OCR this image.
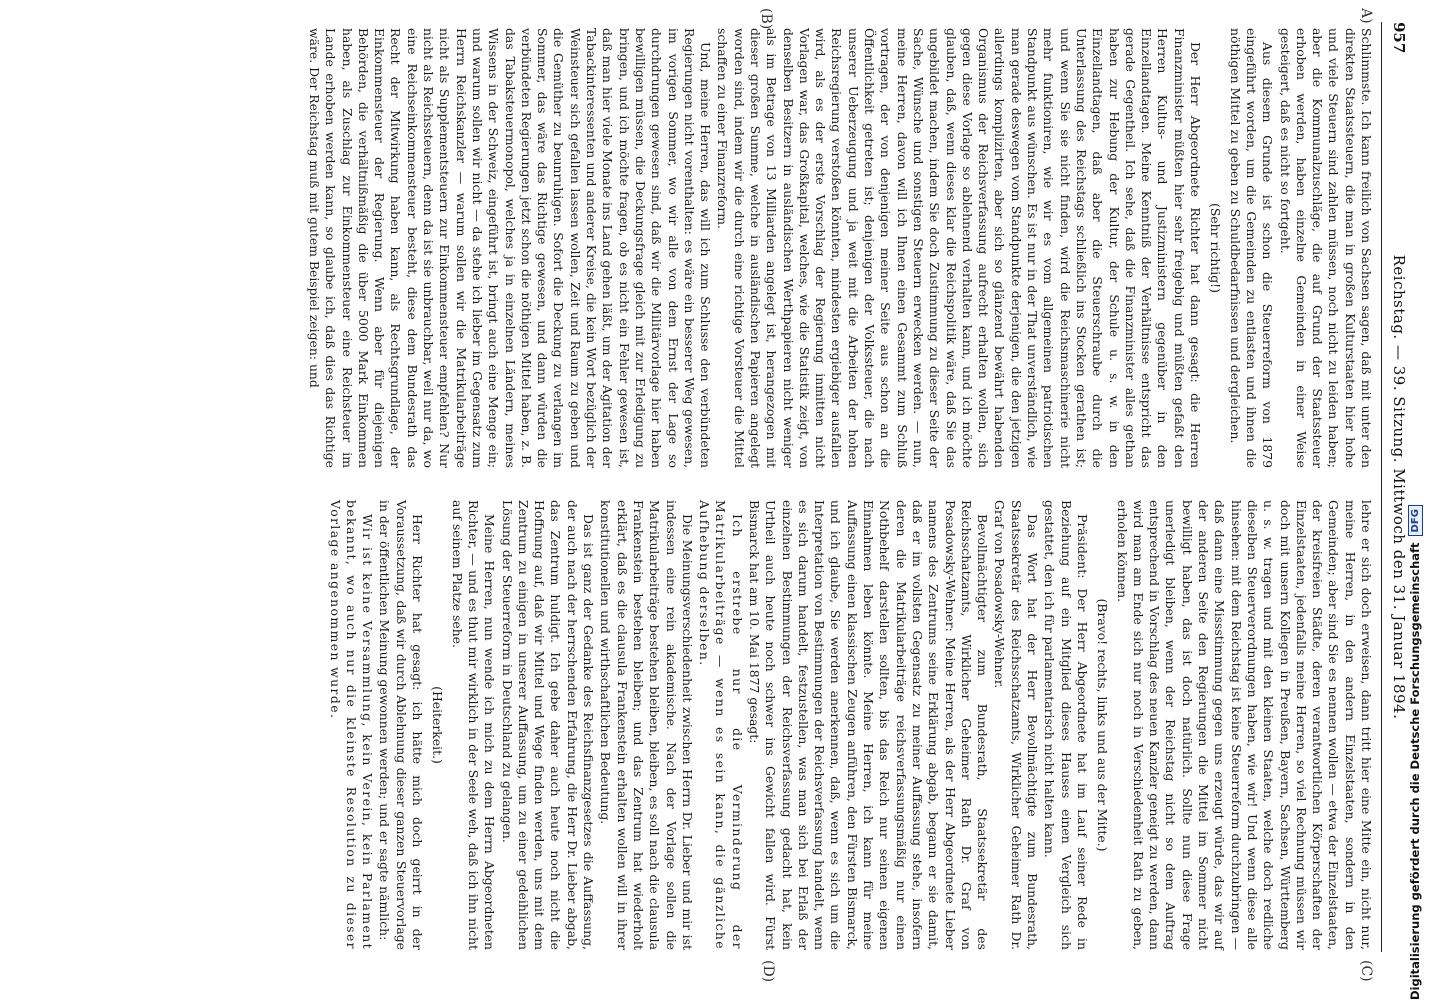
957
Reichstag. — 39. Sitzung. Mittwoch den 31. Januar 1894.
A)
(B)
(C)
(D)

Schlimmste. Ich kann freilich von Sachsen sagen, daß mit unter den direkten Staatssteuern, die man in großen Kulturstaaten hier hohe und viele Steuern sind zahlen müssen, noch nicht zu leiden haben; aber die Kommunalzuschläge, die auf Grund der Staatssteuer erhoben werden, haben einzelne Gemeinden in einer Weise gesteigert, daß es nicht so fortgeht.

Aus diesem Grunde ist schon die Steuerreform von 1879 eingeführt worden, um die Gemeinden zu entlasten und ihnen die nöthigen Mittel zu geben zu Schuldbedarfnissen und dergleichen.

(Sehr richtig!)

Der Herr Abgeordnete Richter hat dann gesagt: die Herren Finanzminister müßten hier sehr freigebig und müßten gefaßt den Herren Kultus- und Justizministern gegenüber in den Einzellandtagen. Meine Kenntniß der Verhältnisse entspricht das gerade Gegentheil. Ich sehe, daß die Finanzminister alles gethan haben zur Hebung der Kultur, der Schule u. s. w. in den Einzellandtagen, daß aber die Steuerschraube durch die Unterlassung des Reichstags schließlich ins Stocken gerathen ist; und wenn Sie sie nicht finden, wird die Reichsmaschinerie nicht mehr funktioniren, wie wir es vom allgemeinen patriotischen Standpunkt aus wünschen. Es ist nur in der That unverständlich, wie man gerade deswegen vom Standpunkte derjenigen, die den jetzigen allerdings komplizirten, aber sich so glänzend bewährt habenden Organismus der Reichsverfassung aufrecht erhalten wollen, sich gegen diese Vorlage so ablehnend verhalten kann, und ich möchte glauben, daß, wenn dieses klar die Reichspolitik wäre, daß Sie das ungebildet machen, indem Sie doch Zustimmung zu dieser Seite der Sache, Wünsche und sonstigen Steuern erwecken werden. — nun, meine Herren, davon will ich Ihnen einen Gesammt zum Schluß vortragen, der von denjenigen meiner Seite aus schon an die Öffentlichkeit getreten ist; denjenigen der Volkssteuer, die nach unserer Ueberzeugung und ja weit mit die Arbeiten der hohen Reichsregierung verstoßen könnten, mindesten ergiebiger ausfallen wird, als es der erste Vorschlag der Regierung inmitten nicht Vorlagen war, das Großkapital, welches, wie die Statistik zeigt, von denselben Besitzern in ausländischen Werthpapieren nicht weniger als im Betrage von 13 Milliarden angelegt ist, herangezogen mit dieser großen Summe, welche in ausländischen Papieren angelegt worden sind, indem wir die durch eine richtige Vorsteuer die Mittel schaffen zu einer Finanzreform.

Und, meine Herren, das will ich zum Schlusse den verbündeten Regierungen nicht vorenthalten: es wäre ein besserer Weg gewesen, im vorigen Sommer, wo wir alle von dem Ernst der Lage so durchdrungen gewesen sind, daß wir die Militärvorlage hier haben bewilligen müssen, die Deckungsfrage gleich mit zur Erledigung zu bringen, und ich möchte fragen, ob es nicht ein Fehler gewesen ist, daß man hier viele Monate ins Land gehen läßt, um der Agitation der Tabackinteressenten und anderer Kreise, die kein Wort bezüglich der Weinsteuer sich gefallen lassen wollen, Zeit und Raum zu geben und die Gemüther zu beunruhigen. Sofort die Deckung zu verlangen im Sommer, das wäre das Richtige gewesen, und dann würden die verbündeten Regierungen jetzt schon die nöthigen Mittel haben, z. B. das Tabaksteuermonopol, welches ja in einzelnen Ländern, meines Wissens in der Schweiz, eingeführt ist, bringt auch eine Menge ein; und warum sollen wir nicht — da stehe ich lieber im Gegensatz zum Herrn Reichskanzler — warum sollen wir die Matrikularbeiträge nicht als Supplementsteuern zur Einkommensteuer empfehlen? Nur nicht als Reichssteuern, denn da ist sie unbrauchbar, weil nur da, wo eine Reichseinkommensteuer besteht, diese dem Bundesrath das Recht der Mitwirkung haben kann, als Rechtsgrundlage, der Einkommensteuer der Regierung. Wenn aber für diejenigen Behörden, die verhältnißmäßig die über 5000 Mark Einkommen haben, als Zuschlag zur Einkommensteuer eine Reichsteuer im Lande erhoben werden kann, so glaube ich, daß dies das Richtige wäre. Der Reichstag muß mit gutem Beispiel zeigen: und

lehre er sich doch erweisen, dann tritt hier eine Mitte ein, nicht nur, meine Herren, in den andern Einzelstaaten, sondern in den Gemeinden; aber sind Sie es nennen wollen — etwa der Einzelstaaten, der kreisfreien Städte, deren verantwortlichen Körperschaften der Einzelstaaten, jedenfalls meine Herren, so viel Rechnung müssen wir doch mit unsern Kollegen in Preußen, Bayern, Sachsen, Württemberg u. s. w. tragen und mit den kleinen Staaten, welche doch redliche dieselben Steuerverordnungen haben, wie wir! Und wenn diese alle hinsehen: mit dem Reichstag ist keine Steuerreform durchzubringen — daß dann eine Missstimmung gegen uns erzeugt würde, das wir auf der anderen Seite den Regierungen die Mittel im Sommer nicht bewilligt haben, das ist doch natürlich. Sollte nun diese Frage unerledigt bleiben, wenn der Reichstag nicht so dem Auftrag entsprechend in Vorschlag des neuen Kanzler geneigt zu werden, dann wird man am Ende sich nur noch in Verschiedenheit Rath zu geben, erholen können.

(Bravo! rechts, links und aus der Mitte.)

Präsident: Der Herr Abgeordnete hat im Lauf seiner Rede in Beziehung auf ein Mitglied dieses Hauses einen Vergleich sich gestattet, den ich für parlamentarisch nicht halten kann.

Das Wort hat der Herr Bevollmächtigte zum Bundesrath, Staatssekretär des Reichsschatzamts, Wirklicher Geheimer Rath Dr. Graf von Posadowsky-Wehner.

Bevollmächtigter zum Bundesrath, Staatssekretär des Reichsschatzamts, Wirklicher Geheimer Rath Dr. Graf von Posadowsky-Wehner: Meine Herren, als der Herr Abgeordnete Lieber namens des Zentrums seine Erklärung abgab, begann er sie damit, daß er im vollsten Gegensatz zu meiner Auffassung stehe, insofern deren die Matrikularbeiträge reichsverfassungsmäßig nur einen Nothbehelf darstellen sollten, bis das Reich nur seinen eigenen Einnahmen leben könnte. Meine Herren, ich kann für meine Auffassung einen klassischen Zeugen anführen, den Fürsten Bismarck, und ich glaube, Sie werden anerkennen, daß, wenn es sich um die Interpretation von Bestimmungen der Reichsverfassung handelt, wenn es sich darum handelt, festzustellen, was man sich bei Erlaß der einzelnen Bestimmungen der Reichsverfassung gedacht hat, kein Urtheil auch heute noch schwer ins Gewicht fallen wird. Fürst Bismarck hat am 10. Mai 1877 gesagt:

Ich erstrebe nur die Verminderung der Matrikularbeiträge — wenn es sein kann, die gänzliche Aufhebung derselben.

Die Meinungsverschiedenheit zwischen Herrn Dr. Lieber und mir ist indessen eine rein akademische. Nach der Vorlage sollen die Matrikularbeiträge bestehen bleiben, bleiben, es soll nach die clausula Frankenstein bestehen bleiben; und das Zentrum hat wiederholt erklärt, daß es die clausula Frankenstein erhalten wollen will in ihrer konstitutionellen und wirthschaftlichen Bedeutung.

Das ist ganz der Gedanke des Reichsfinanzgesetzes die Auffassung, der auch nach der herrschenden Erfahrung, die Herr Dr. Lieber abgab, das Zentrum huldigt. Ich gebe daher auch heute noch nicht die Hoffnung auf, daß wir Mittel und Wege finden werden, uns mit dem Zentrum zu einigen in unserer Auffassung, um zu einer gedeihlichen Lösung der Steuerreform in Deutschland zu gelangen.

Meine Herren, nun wende ich mich zu dem Herrn Abgeordneten Richter, — und es thut mir wirklich in der Seele weh, daß ich ihn nicht auf seinem Platze sehe.

(Heiterkeit.)

Herr Richter hat gesagt: ich hätte mich doch geirrt in der Voraussetzung, daß wir durch Ablehnung dieser ganzen Steuervorlage in der öffentlichen Meinung gewonnen werden; und er sagte nämlich:

Wir ist keine Versammlung, kein Verein, kein Parlament bekannt, wo auch nur die kleinste Resolution zu dieser Vorlage angenommen wurde.	Digitalisierung gefördert durch die Deutsche Forschungsgemeinschaft
DFG
